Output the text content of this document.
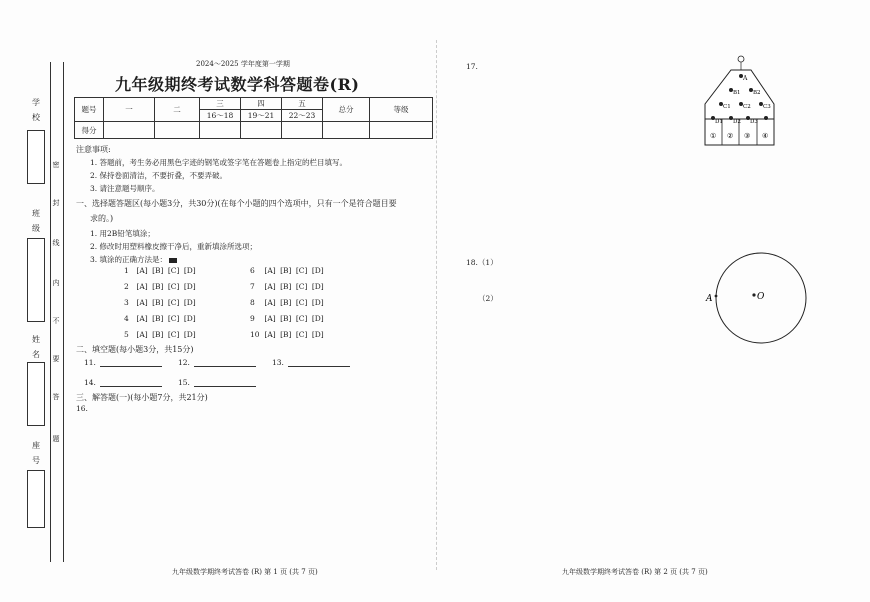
学
校
班
级
姓
名
座
号
密
封
线
内
不
要
答
题
2024～2025 学年度第一学期
九年级期终考试数学科答题卷(R)
题号	一	二	三	四	五	总分	等级
			16～18	19～21	22～23		
得分							
注意事项:
1. 答题前，考生务必用黑色字迹的钢笔或签字笔在答题卷上指定的栏目填写。
2. 保持卷面清洁，不要折叠，不要弄破。
3. 请注意题号顺序。
一、选择题答题区(每小题3分，共30分)(在每个小题的四个选项中，只有一个是符合题目要
求的。)
1. 用2B铅笔填涂；
2. 修改时用塑料橡皮擦干净后，重新填涂所选项；
3. 填涂的正确方法是：
1 [A] [B] [C] [D]
2 [A] [B] [C] [D]
3 [A] [B] [C] [D]
4 [A] [B] [C] [D]
5 [A] [B] [C] [D]
6 [A] [B] [C] [D]
7 [A] [B] [C] [D]
8 [A] [B] [C] [D]
9 [A] [B] [C] [D]
10 [A] [B] [C] [D]
二、填空题(每小题3分，共15分)
11.	12.	13.
14.	15.
三、解答题(一)(每小题7分，共21分)
16.
九年级数学期终考试答卷 (R) 第 1 页 (共 7 页)	九年级数学期终考试答卷 (R) 第 2 页 (共 7 页)
17.
A
B1 B2
C1 C2 C3
D1 D2 D3
① ② ③ ④
18.（1）
（2）	A	O
